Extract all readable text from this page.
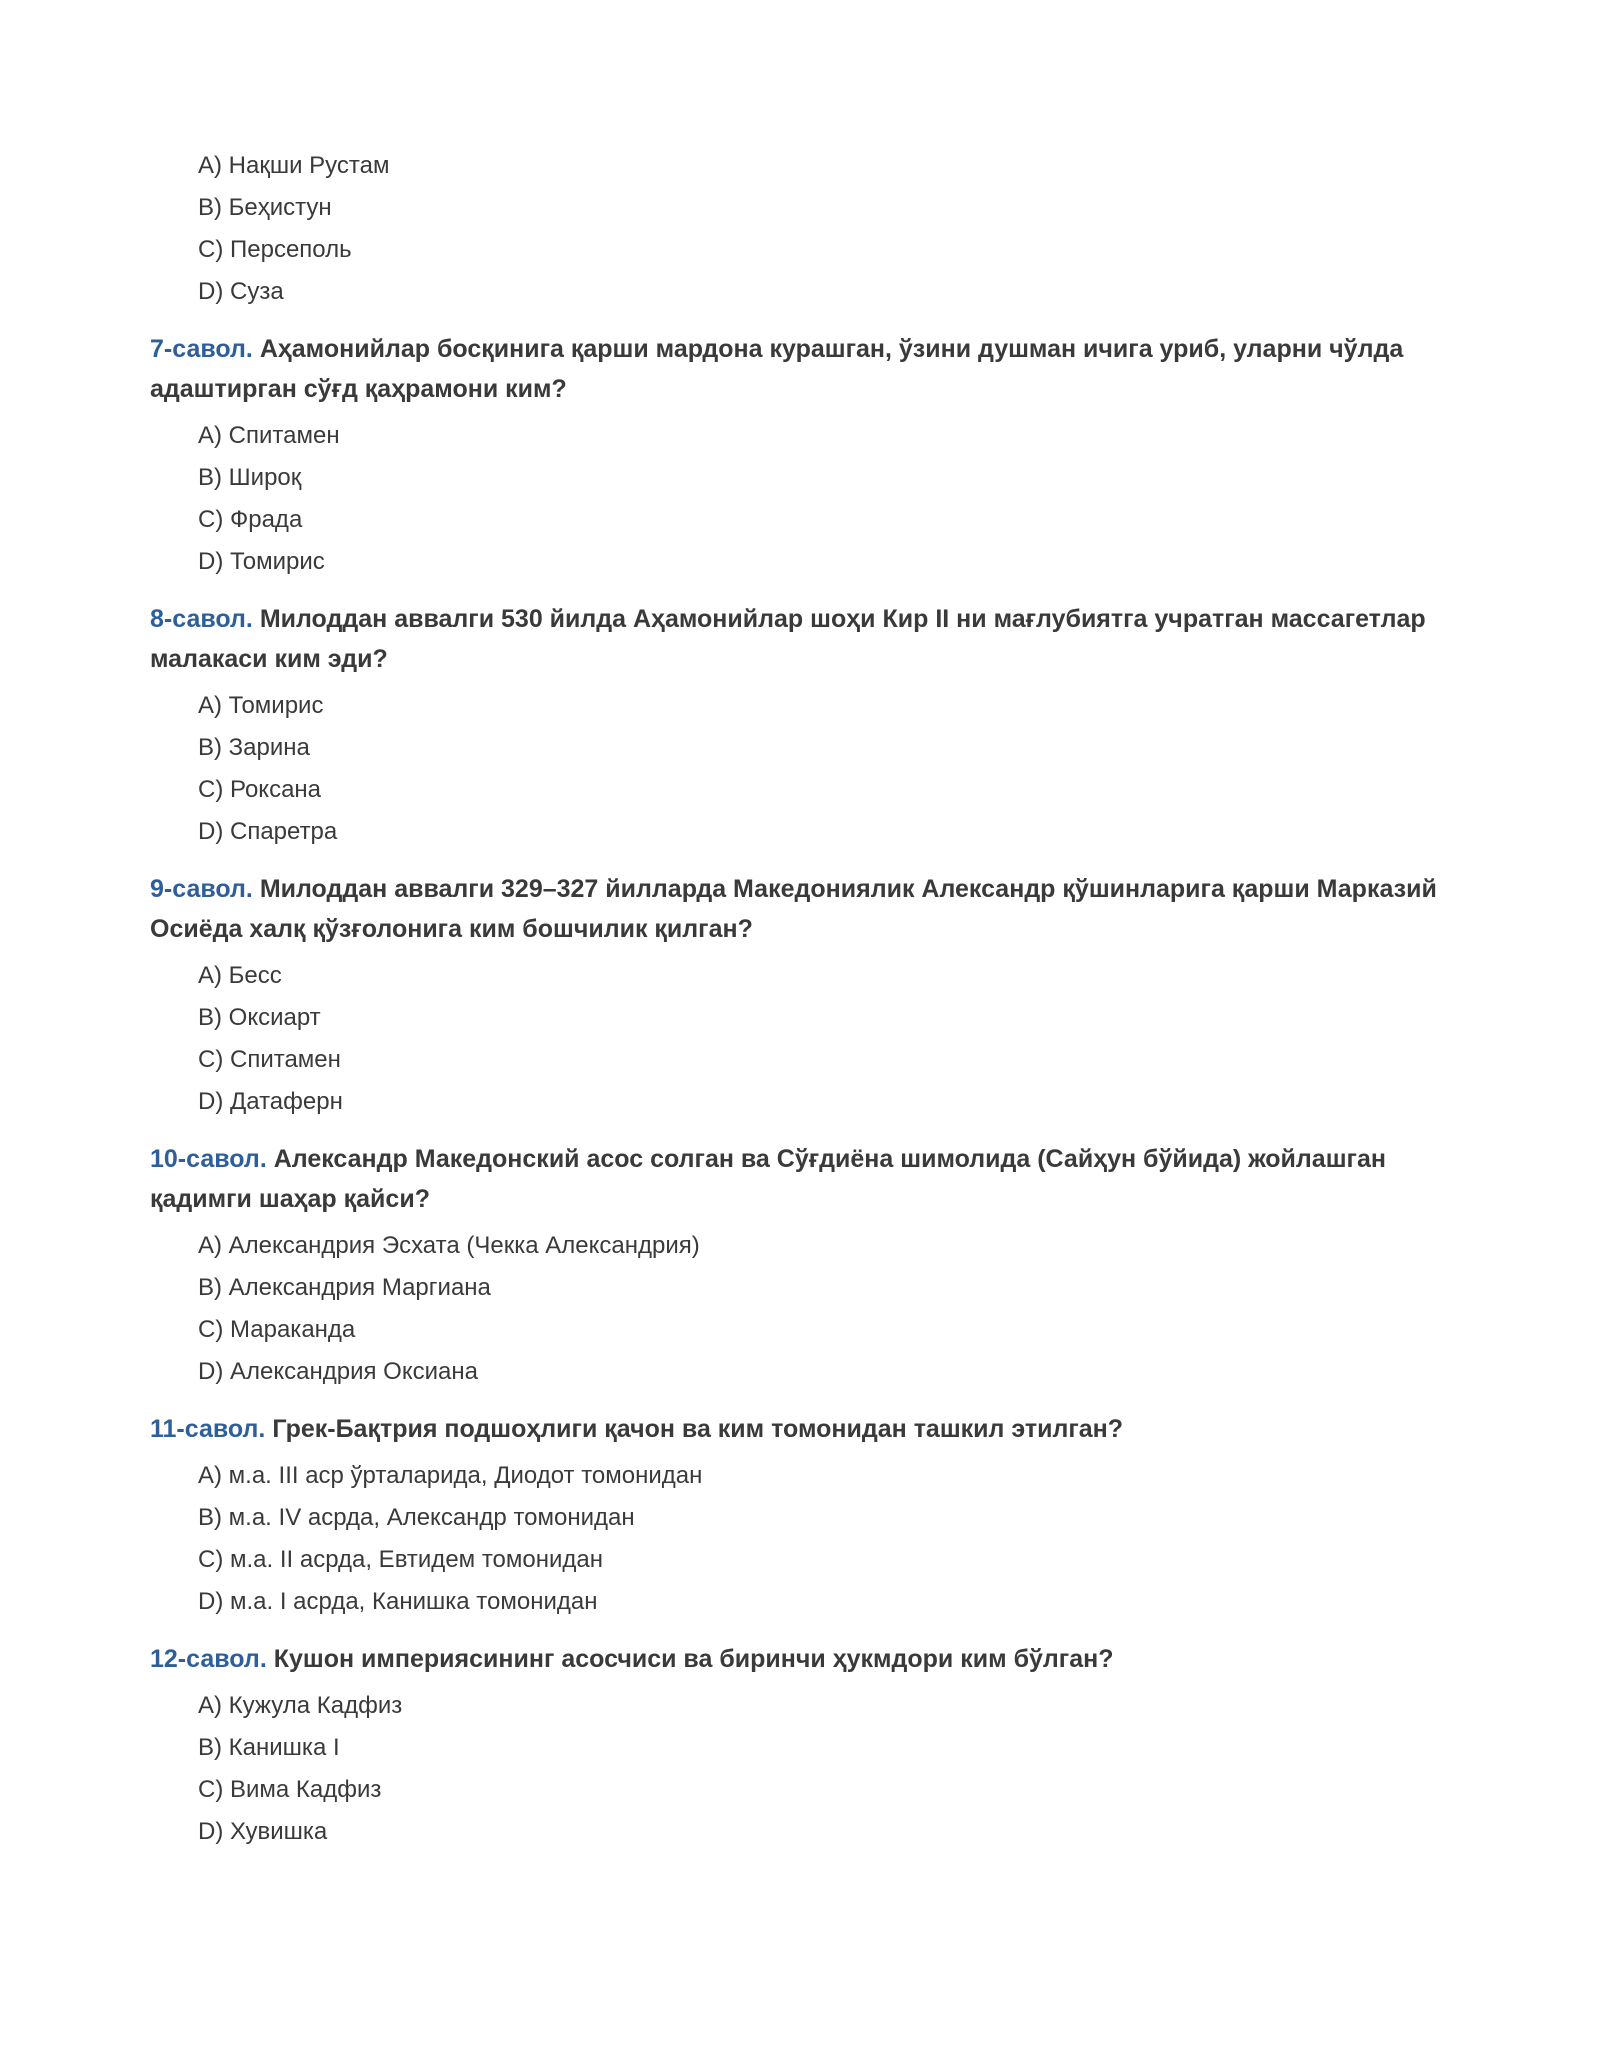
A) Нақши Рустам
B) Беҳистун
C) Персеполь
D) Суза
7-савол. Аҳамонийлар босқинига қарши мардона курашган, ўзини душман ичига уриб, уларни чўлда адаштирган сўғд қаҳрамони ким?
A) Спитамен
B) Широқ
C) Фрада
D) Томирис
8-савол. Милоддан аввалги 530 йилда Аҳамонийлар шоҳи Кир II ни мағлубиятга учратган массагетлар малакаси ким эди?
A) Томирис
B) Зарина
C) Роксана
D) Спаретра
9-савол. Милоддан аввалги 329–327 йилларда Македониялик Александр қўшинларига қарши Марказий Осиёда халқ қўзғолонига ким бошчилик қилган?
A) Бесс
B) Оксиарт
C) Спитамен
D) Датаферн
10-савол. Александр Македонский асос солган ва Сўғдиёна шимолида (Сайҳун бўйида) жойлашган қадимги шаҳар қайси?
A) Александрия Эсхата (Чекка Александрия)
B) Александрия Маргиана
C) Мараканда
D) Александрия Оксиана
11-савол. Грек-Бақтрия подшоҳлиги қачон ва ким томонидан ташкил этилган?
A) м.а. III аср ўрталарида, Диодот томонидан
B) м.а. IV асрда, Александр томонидан
C) м.а. II асрда, Евтидем томонидан
D) м.а. I асрда, Канишка томонидан
12-савол. Кушон империясининг асосчиси ва биринчи ҳукмдори ким бўлган?
A) Кужула Кадфиз
B) Канишка I
C) Вима Кадфиз
D) Хувишка
